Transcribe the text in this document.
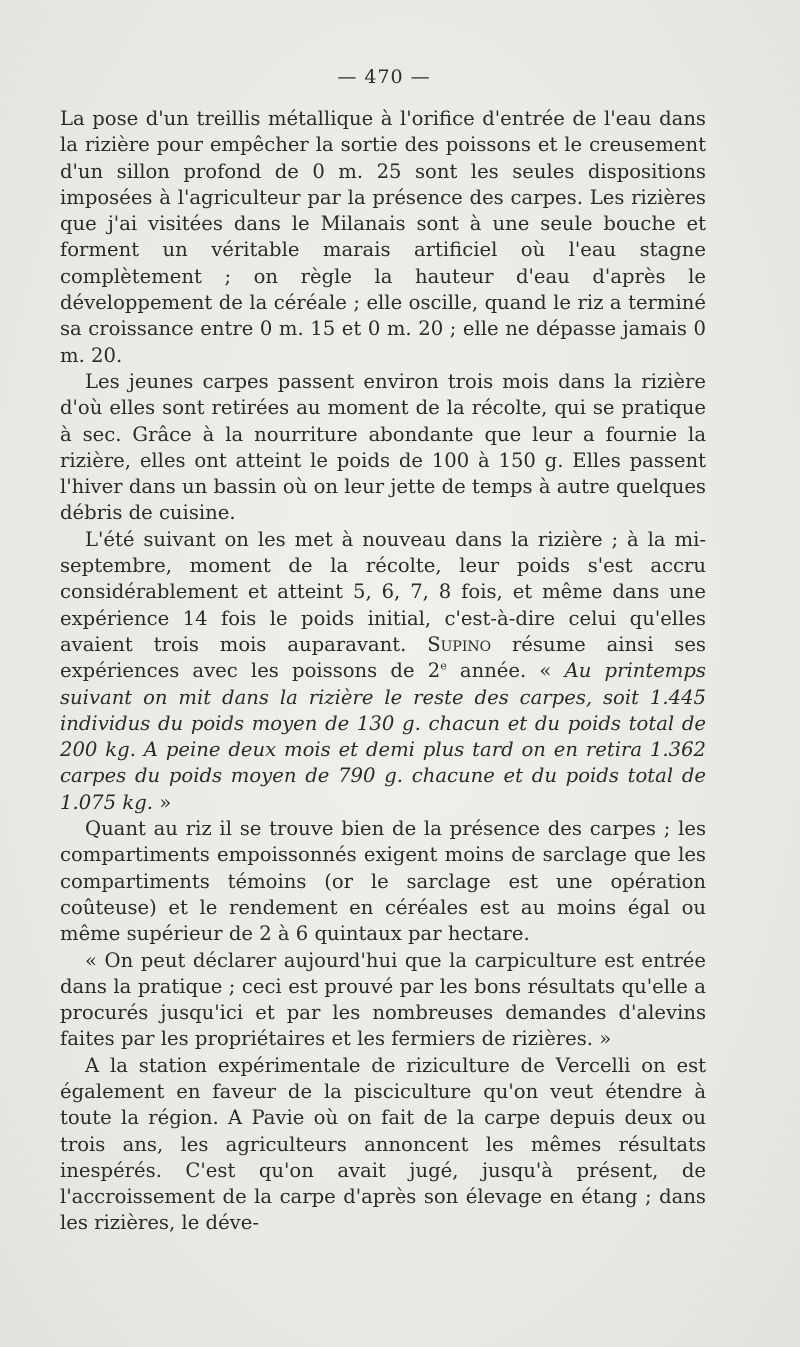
— 470 —

La pose d'un treillis métallique à l'orifice d'entrée de l'eau dans la rizière pour empêcher la sortie des poissons et le creusement d'un sillon profond de 0 m. 25 sont les seules dispositions imposées à l'agriculteur par la présence des carpes. Les rizières que j'ai visitées dans le Milanais sont à une seule bouche et forment un véritable marais artificiel où l'eau stagne complètement ; on règle la hauteur d'eau d'après le développement de la céréale ; elle oscille, quand le riz a terminé sa croissance entre 0 m. 15 et 0 m. 20 ; elle ne dépasse jamais 0 m. 20.

Les jeunes carpes passent environ trois mois dans la rizière d'où elles sont retirées au moment de la récolte, qui se pratique à sec. Grâce à la nourriture abondante que leur a fournie la rizière, elles ont atteint le poids de 100 à 150 g. Elles passent l'hiver dans un bassin où on leur jette de temps à autre quelques débris de cuisine.

L'été suivant on les met à nouveau dans la rizière ; à la mi-septembre, moment de la récolte, leur poids s'est accru considérablement et atteint 5, 6, 7, 8 fois, et même dans une expérience 14 fois le poids initial, c'est-à-dire celui qu'elles avaient trois mois auparavant. Supino résume ainsi ses expériences avec les poissons de 2e année. « Au printemps suivant on mit dans la rizière le reste des carpes, soit 1.445 individus du poids moyen de 130 g. chacun et du poids total de 200 kg. A peine deux mois et demi plus tard on en retira 1.362 carpes du poids moyen de 790 g. chacune et du poids total de 1.075 kg. »

Quant au riz il se trouve bien de la présence des carpes ; les compartiments empoissonnés exigent moins de sarclage que les compartiments témoins (or le sarclage est une opération coûteuse) et le rendement en céréales est au moins égal ou même supérieur de 2 à 6 quintaux par hectare.

« On peut déclarer aujourd'hui que la carpiculture est entrée dans la pratique ; ceci est prouvé par les bons résultats qu'elle a procurés jusqu'ici et par les nombreuses demandes d'alevins faites par les propriétaires et les fermiers de rizières. »

A la station expérimentale de riziculture de Vercelli on est également en faveur de la pisciculture qu'on veut étendre à toute la région. A Pavie où on fait de la carpe depuis deux ou trois ans, les agriculteurs annoncent les mêmes résultats inespérés. C'est qu'on avait jugé, jusqu'à présent, de l'accroissement de la carpe d'après son élevage en étang ; dans les rizières, le déve-
